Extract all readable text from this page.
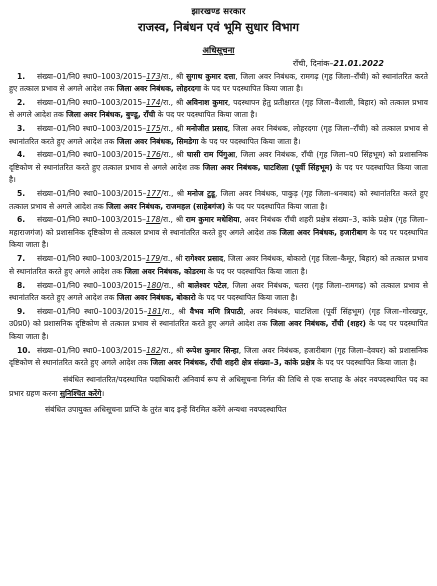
झारखण्ड सरकार
राजस्व, निबंधन एवं भूमि सुधार विभाग
अधिसूचना
राँची, दिनांक–21.01.2022
1. संख्या–01/नि0 स्था0–1003/2015–173/रा., श्री सुगाथ कुमार दत्ता, जिला अवर निबंधक, रामगढ़ (गृह जिला–राँची) को स्थानांतरित करते हुए तत्काल प्रभाव से अगले आदेश तक जिला अवर निबंधक, लोहरदगा के पद पर पदस्थापित किया जाता है।
2. संख्या–01/नि0 स्था0–1003/2015–174/रा., श्री अविनाश कुमार, पदस्थापन हेतु प्रतीक्षारत (गृह जिला–वैशाली, बिहार) को तत्काल प्रभाव से अगले आदेश तक जिला अवर निबंधक, बुण्डू, राँची के पद पर पदस्थापित किया जाता है।
3. संख्या–01/नि0 स्था0–1003/2015–175/रा., श्री मनोजीत प्रसाद, जिला अवर निबंधक, लोहरदगा (गृह जिला–राँची) को तत्काल प्रभाव से स्थानांतरित करते हुए अगले आदेश तक जिला अवर निबंधक, सिमडेगा के पद पर पदस्थापित किया जाता है।
4. संख्या–01/नि0 स्था0–1003/2015–176/रा., श्री घासी राम पिंगुआ, जिला अवर निबंधक, राँची (गृह जिला–प0 सिंहभूम) को प्रशासनिक दृष्टिकोण से स्थानांतरित करते हुए तत्काल प्रभाव से अगले आदेश तक जिला अवर निबंधक, घाटशिला (पूर्वी सिंहभूम) के पद पर पदस्थापित किया जाता है।
5. संख्या–01/नि0 स्था0–1003/2015–177/रा., श्री मनोज टुडू, जिला अवर निबंधक, पाकुड़ (गृह जिला–धनबाद) को स्थानांतरित करते हुए तत्काल प्रभाव से अगले आदेश तक जिला अवर निबंधक, राजमहल (साहेबगंज) के पद पर पदस्थापित किया जाता है।
6. संख्या–01/नि0 स्था0–1003/2015–178/रा., श्री राम कुमार मधेशिया, अवर निबंधक राँची शहरी प्रक्षेत्र संख्या–3, कांके प्रक्षेत्र (गृह जिला–महाराजगंज) को प्रशासनिक दृष्टिकोण से तत्काल प्रभाव से स्थानांतरित करते हुए अगले आदेश तक जिला अवर निबंधक, हजारीबाग के पद पर पदस्थापित किया जाता है।
7. संख्या–01/नि0 स्था0–1003/2015–179/रा., श्री रागेश्वर प्रसाद, जिला अवर निबंधक, बोकारो (गृह जिला–कैमूर, बिहार) को तत्काल प्रभाव से स्थानांतरित करते हुए अगले आदेश तक जिला अवर निबंधक, कोडरमा के पद पर पदस्थापित किया जाता है।
8. संख्या–01/नि0 स्था0–1003/2015–180/रा., श्री बालेश्वर पटेल, जिला अवर निबंधक, चतरा (गृह जिला–रामगढ़) को तत्काल प्रभाव से स्थानांतरित करते हुए अगले आदेश तक जिला अवर निबंधक, बोकारो के पद पर पदस्थापित किया जाता है।
9. संख्या–01/नि0 स्था0–1003/2015–181/रा., श्री वैभव मणि त्रिपाठी, अवर निबंधक, घाटशिला (पूर्वी सिंहभूम) (गृह जिला–गोरखपुर, उ0प्र0) को प्रशासनिक दृष्टिकोण से तत्काल प्रभाव से स्थानांतरित करते हुए अगले आदेश तक जिला अवर निबंधक, राँची (शहर) के पद पर पदस्थापित किया जाता है।
10. संख्या–01/नि0 स्था0–1003/2015–182/रा., श्री रूपेश कुमार सिन्हा, जिला अवर निबंधक, हजारीबाग (गृह जिला–देवघर) को प्रशासनिक दृष्टिकोण से स्थानांतरित करते हुए अगले आदेश तक जिला अवर निबंधक, राँची शहरी क्षेत्र संख्या–3, कांके प्रक्षेत्र के पद पर पदस्थापित किया जाता है।
संबंधित स्थानांतरित/पदस्थापित पदाधिकारी अनिवार्य रूप से अधिसूचना निर्गत की तिथि से एक सप्ताह के अंदर नवपदस्थापित पद का प्रभार ग्रहण करना सुनिश्चित करेंगे।
संबंधित उपायुक्त अधिसूचना प्राप्ति के तुरंत बाद इन्हें विरमित करेंगे अन्यथा नवपदस्थापित
